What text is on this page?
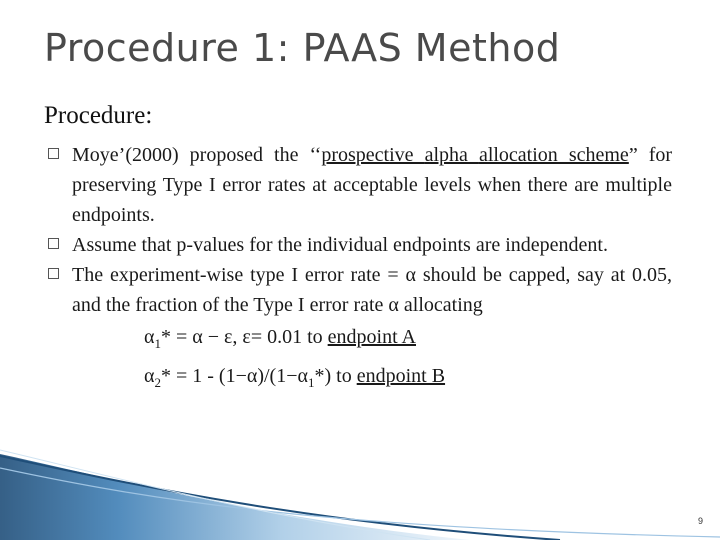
Procedure 1: PAAS Method
Procedure:
Moye’(2000) proposed the ‘‘prospective alpha allocation scheme” for preserving Type I error rates at acceptable levels when there are multiple endpoints.
Assume that p-values for the individual endpoints are independent.
The experiment-wise type I error rate = α should be capped, say at 0.05, and the fraction of the Type I error rate α allocating
$\alpha_1* = \alpha - \varepsilon$, ε= 0.01 to endpoint A
$\alpha_2* = 1 - (1-\alpha)/(1-\alpha_1*)$ to endpoint B
9
